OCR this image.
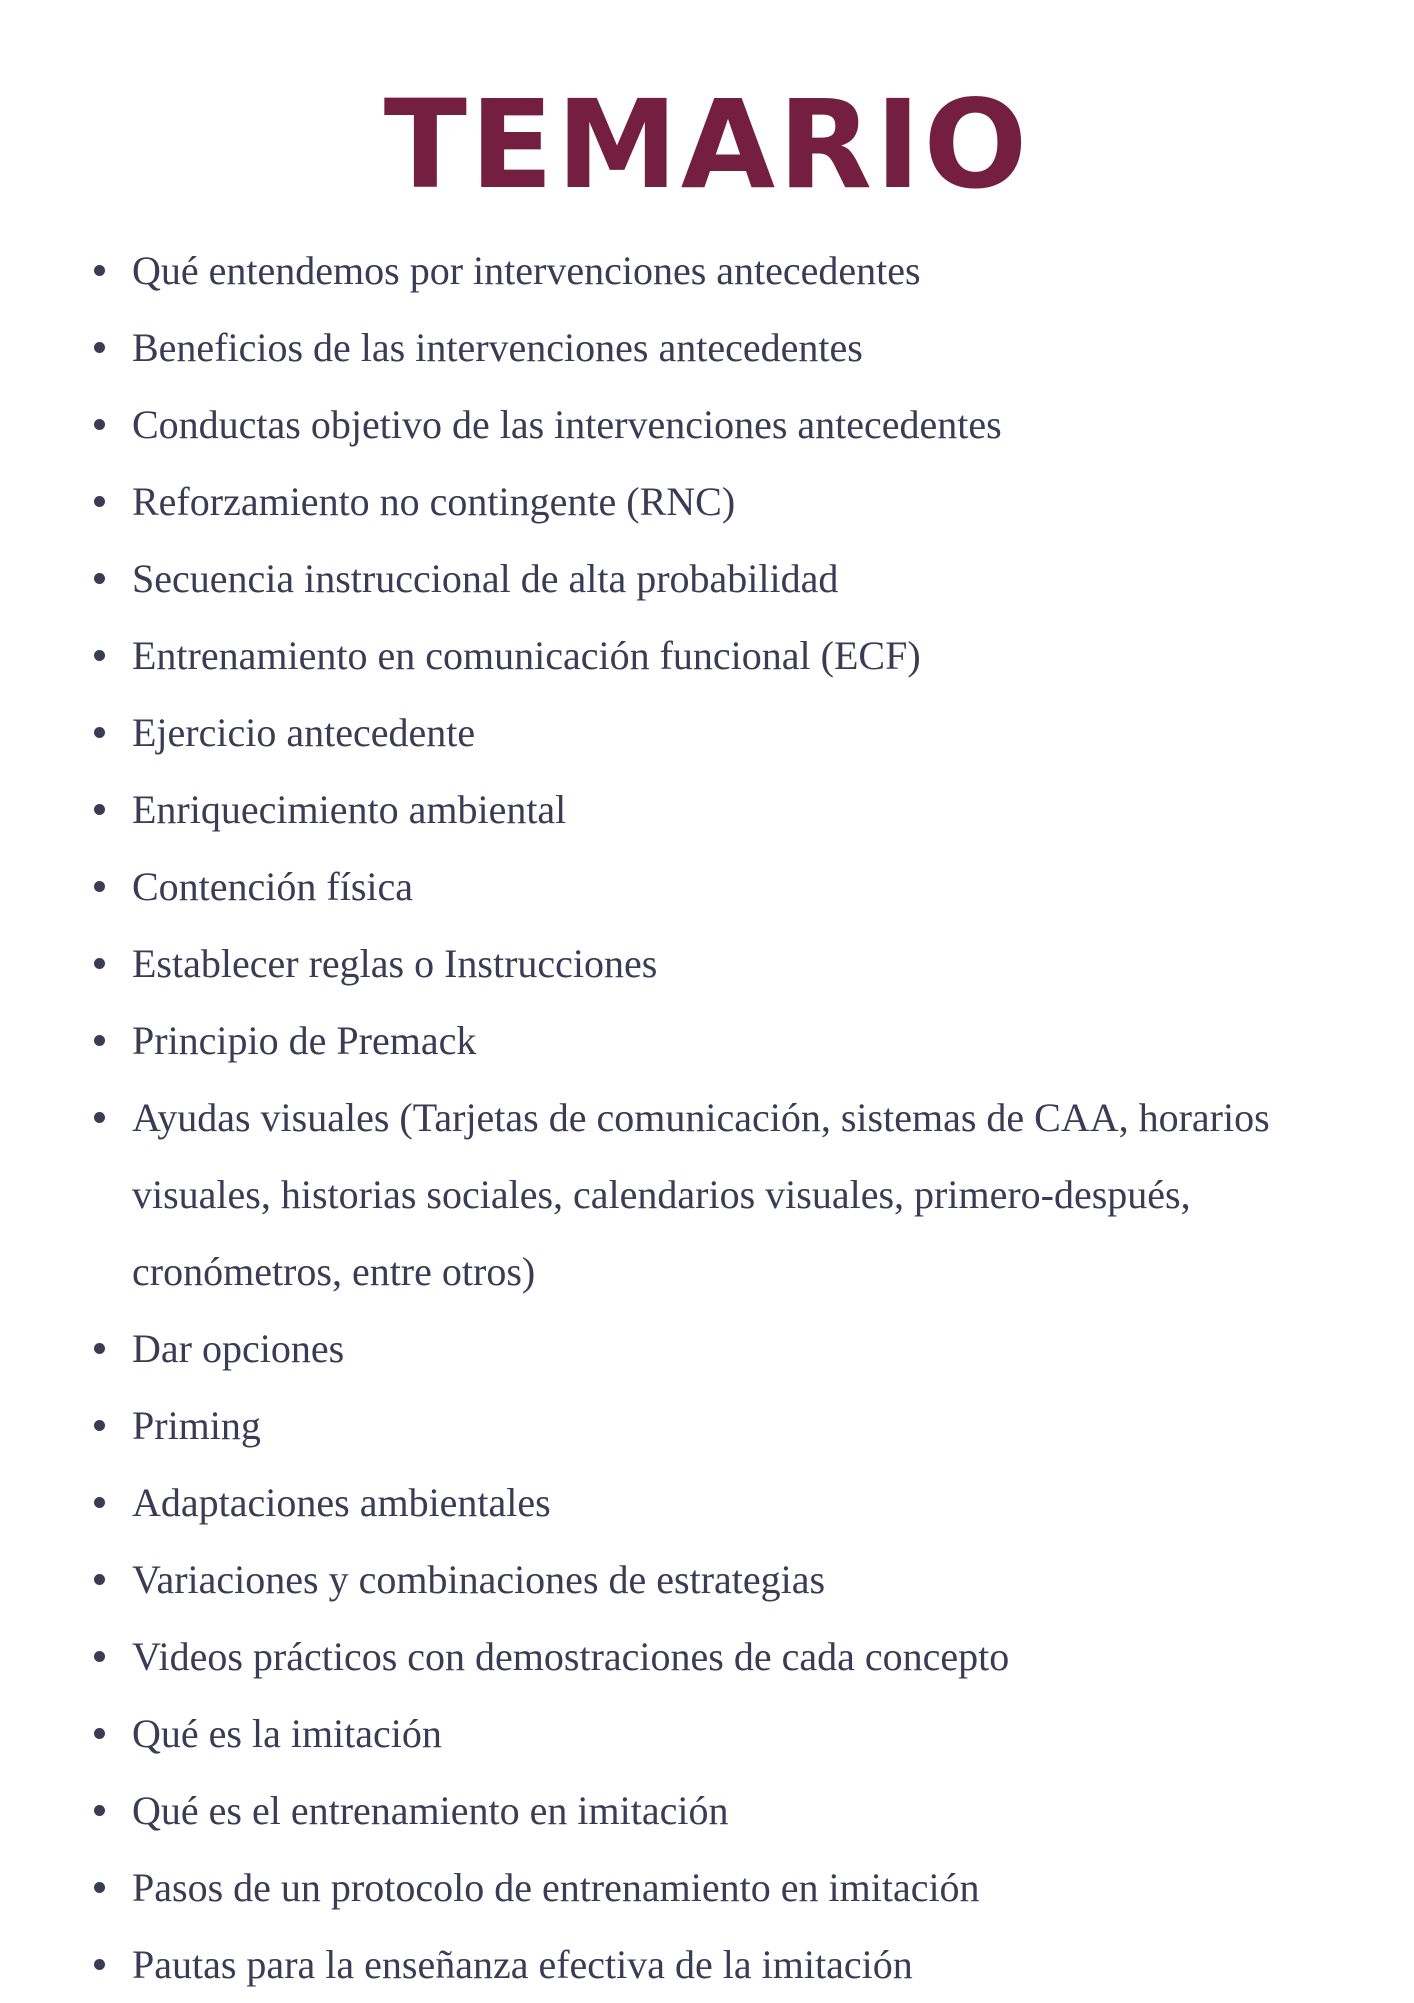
TEMARIO
Qué entendemos por intervenciones antecedentes
Beneficios de las intervenciones antecedentes
Conductas objetivo de las intervenciones antecedentes
Reforzamiento no contingente (RNC)
Secuencia instruccional de alta probabilidad
Entrenamiento en comunicación funcional (ECF)
Ejercicio antecedente
Enriquecimiento ambiental
Contención física
Establecer reglas o Instrucciones
Principio de Premack
Ayudas visuales (Tarjetas de comunicación, sistemas de CAA, horarios visuales, historias sociales, calendarios visuales, primero-después, cronómetros, entre otros)
Dar opciones
Priming
Adaptaciones ambientales
Variaciones y combinaciones de estrategias
Videos prácticos con demostraciones de cada concepto
Qué es la imitación
Qué es el entrenamiento en imitación
Pasos de un protocolo de entrenamiento en imitación
Pautas para la enseñanza efectiva de la imitación
